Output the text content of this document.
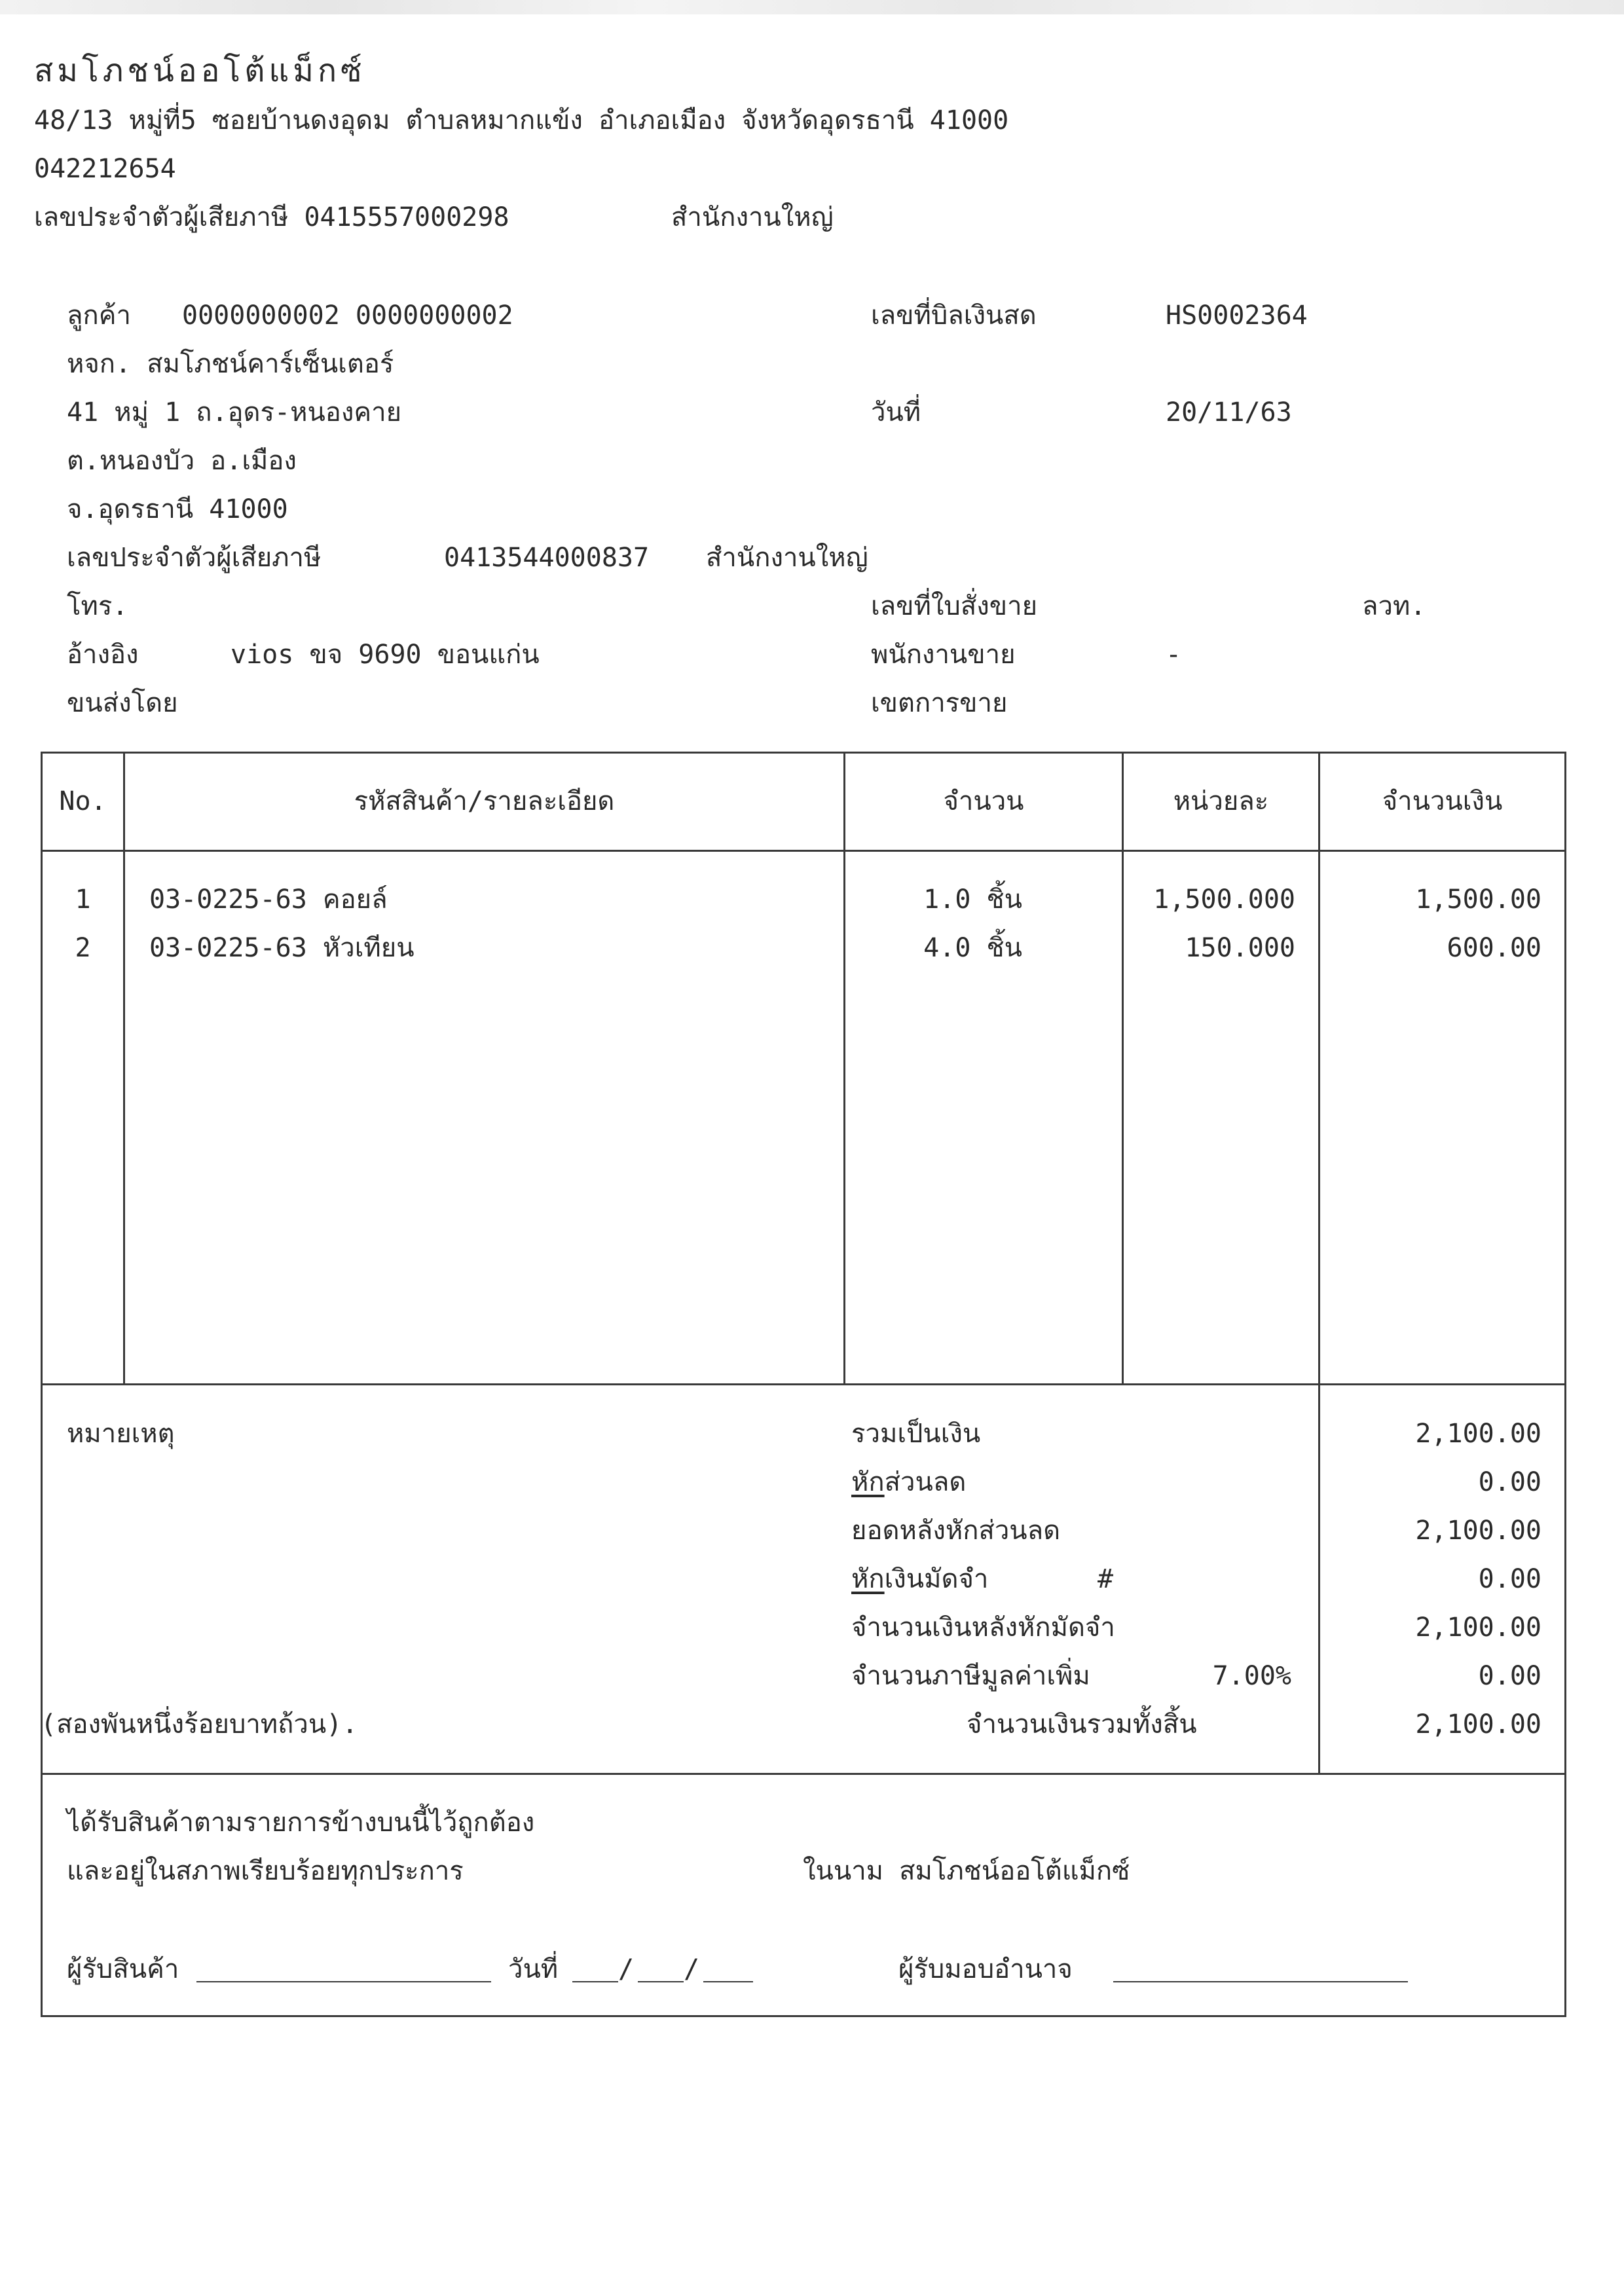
สมโภชน์ออโต้แม็กซ์
48/13 หมู่ที่5 ซอยบ้านดงอุดม ตำบลหมากแข้ง อำเภอเมือง จังหวัดอุดรธานี 41000
042212654
เลขประจำตัวผู้เสียภาษี 0415557000298	สำนักงานใหญ่
ลูกค้า 0000000002 0000000002
หจก. สมโภชน์คาร์เซ็นเตอร์
41 หมู่ 1 ถ.อุดร-หนองคาย
ต.หนองบัว อ.เมือง
จ.อุดรธานี 41000
เลขประจำตัวผู้เสียภาษี	0413544000837 สำนักงานใหญ่
โทร.
อ้างอิง	vios ขจ 9690 ขอนแก่น
ขนส่งโดย
เลขที่บิลเงินสด	HS0002364
วันที่	20/11/63
เลขที่ใบสั่งขาย	ลวท.
พนักงานขาย	-
เขตการขาย
No.	รหัสสินค้า/รายละเอียด	จำนวน	หน่วยละ	จำนวนเงิน
1	03-0225-63 คอยล์	1.0 ชิ้น	1,500.000	1,500.00
2	03-0225-63 หัวเทียน	4.0 ชิ้น	150.000	600.00
หมายเหตุ	รวมเป็นเงิน	2,100.00
หักส่วนลด	0.00
ยอดหลังหักส่วนลด	2,100.00
หักเงินมัดจำ	#	0.00
จำนวนเงินหลังหักมัดจำ	2,100.00
จำนวนภาษีมูลค่าเพิ่ม	7.00%	0.00
(สองพันหนึ่งร้อยบาทถ้วน).	จำนวนเงินรวมทั้งสิ้น	2,100.00
ได้รับสินค้าตามรายการข้างบนนี้ไว้ถูกต้อง
และอยู่ในสภาพเรียบร้อยทุกประการ	ในนาม สมโภชน์ออโต้แม็กซ์
ผู้รับสินค้า	วันที่ / /	ผู้รับมอบอำนาจ
